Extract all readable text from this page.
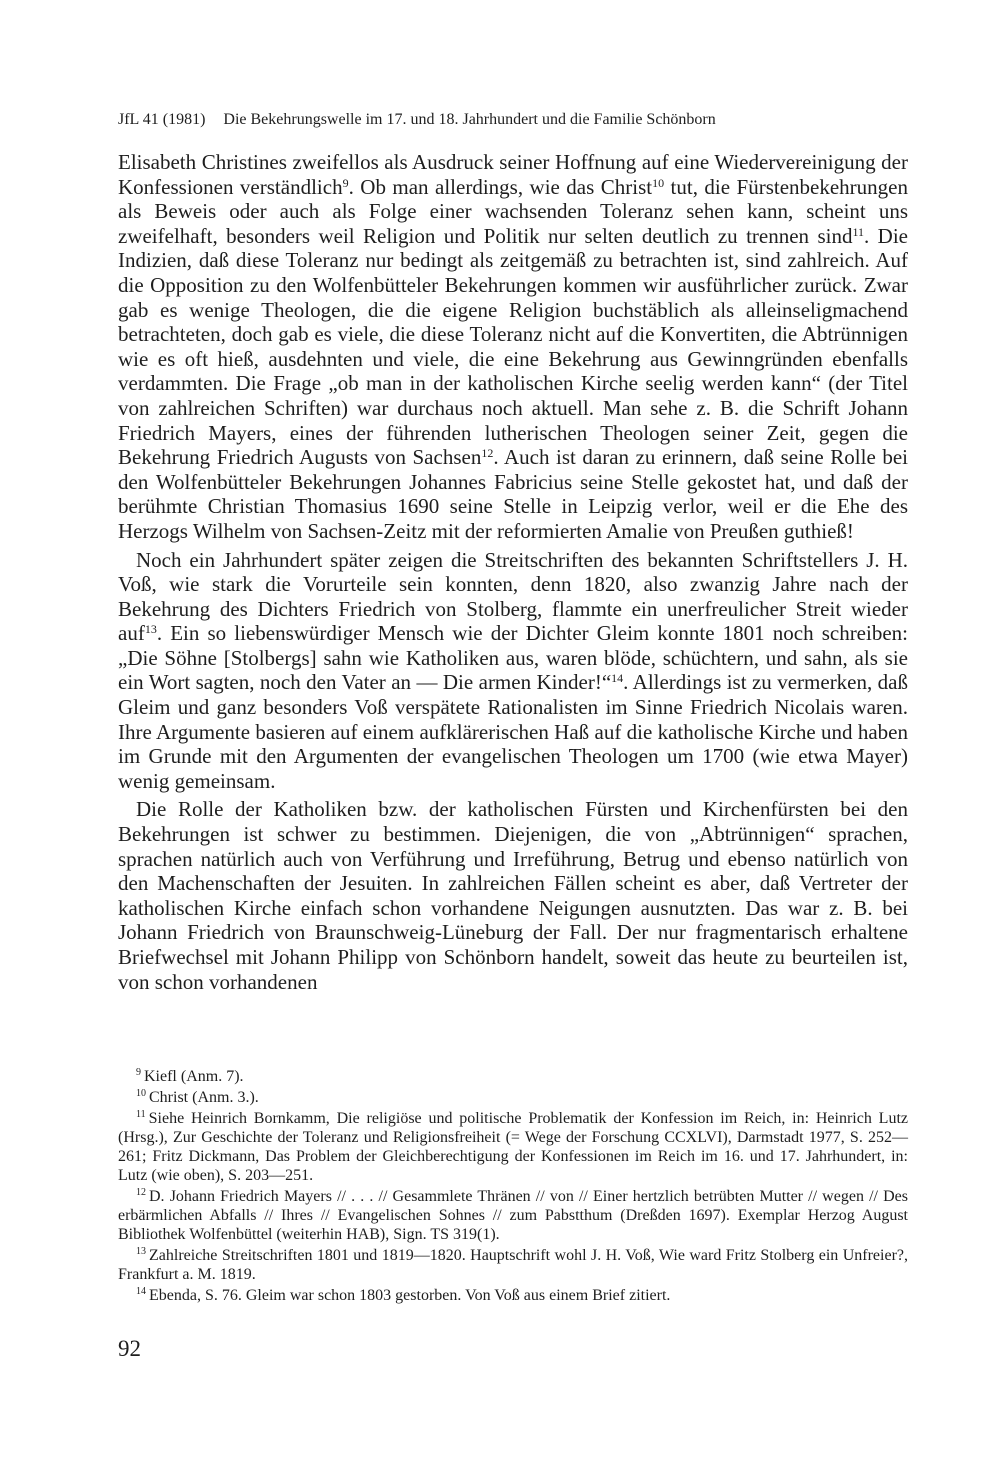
JfL 41 (1981) Die Bekehrungswelle im 17. und 18. Jahrhundert und die Familie Schönborn

Elisabeth Christines zweifellos als Ausdruck seiner Hoffnung auf eine Wiedervereinigung der Konfessionen verständlich$^9$. Ob man allerdings, wie das Christ$^{10}$ tut, die Fürstenbekehrungen als Beweis oder auch als Folge einer wachsenden Toleranz sehen kann, scheint uns zweifelhaft, besonders weil Religion und Politik nur selten deutlich zu trennen sind$^{11}$. Die Indizien, daß diese Toleranz nur bedingt als zeitgemäß zu betrachten ist, sind zahlreich. Auf die Opposition zu den Wolfenbütteler Bekehrungen kommen wir ausführlicher zurück. Zwar gab es wenige Theologen, die die eigene Religion buchstäblich als alleinseligmachend betrachteten, doch gab es viele, die diese Toleranz nicht auf die Konvertiten, die Abtrünnigen wie es oft hieß, ausdehnten und viele, die eine Bekehrung aus Gewinngründen ebenfalls verdammten. Die Frage „ob man in der katholischen Kirche seelig werden kann“ (der Titel von zahlreichen Schriften) war durchaus noch aktuell. Man sehe z. B. die Schrift Johann Friedrich Mayers, eines der führenden lutherischen Theologen seiner Zeit, gegen die Bekehrung Friedrich Augusts von Sachsen$^{12}$. Auch ist daran zu erinnern, daß seine Rolle bei den Wolfenbütteler Bekehrungen Johannes Fabricius seine Stelle gekostet hat, und daß der berühmte Christian Thomasius 1690 seine Stelle in Leipzig verlor, weil er die Ehe des Herzogs Wilhelm von Sachsen-Zeitz mit der reformierten Amalie von Preußen guthieß!

Noch ein Jahrhundert später zeigen die Streitschriften des bekannten Schriftstellers J. H. Voß, wie stark die Vorurteile sein konnten, denn 1820, also zwanzig Jahre nach der Bekehrung des Dichters Friedrich von Stolberg, flammte ein unerfreulicher Streit wieder auf$^{13}$. Ein so liebenswürdiger Mensch wie der Dichter Gleim konnte 1801 noch schreiben: „Die Söhne [Stolbergs] sahn wie Katholiken aus, waren blöde, schüchtern, und sahn, als sie ein Wort sagten, noch den Vater an — Die armen Kinder!“$^{14}$. Allerdings ist zu vermerken, daß Gleim und ganz besonders Voß verspätete Rationalisten im Sinne Friedrich Nicolais waren. Ihre Argumente basieren auf einem aufklärerischen Haß auf die katholische Kirche und haben im Grunde mit den Argumenten der evangelischen Theologen um 1700 (wie etwa Mayer) wenig gemeinsam.

Die Rolle der Katholiken bzw. der katholischen Fürsten und Kirchenfürsten bei den Bekehrungen ist schwer zu bestimmen. Diejenigen, die von „Abtrünnigen“ sprachen, sprachen natürlich auch von Verführung und Irreführung, Betrug und ebenso natürlich von den Machenschaften der Jesuiten. In zahlreichen Fällen scheint es aber, daß Vertreter der katholischen Kirche einfach schon vorhandene Neigungen ausnutzten. Das war z. B. bei Johann Friedrich von Braunschweig-Lüneburg der Fall. Der nur fragmentarisch erhaltene Briefwechsel mit Johann Philipp von Schönborn handelt, soweit das heute zu beurteilen ist, von schon vorhandenen

$^9$ Kiefl (Anm. 7).

$^{10}$ Christ (Anm. 3.).

$^{11}$ Siehe Heinrich Bornkamm, Die religiöse und politische Problematik der Konfession im Reich, in: Heinrich Lutz (Hrsg.), Zur Geschichte der Toleranz und Religionsfreiheit (= Wege der Forschung CCXLVI), Darmstadt 1977, S. 252—261; Fritz Dickmann, Das Problem der Gleichberechtigung der Konfessionen im Reich im 16. und 17. Jahrhundert, in: Lutz (wie oben), S. 203—251.

$^{12}$ D. Johann Friedrich Mayers // . . . // Gesammlete Thränen // von // Einer hertzlich betrübten Mutter // wegen // Des erbärmlichen Abfalls // Ihres // Evangelischen Sohnes // zum Pabstthum (Dreßden 1697). Exemplar Herzog August Bibliothek Wolfenbüttel (weiterhin HAB), Sign. TS 319(1).

$^{13}$ Zahlreiche Streitschriften 1801 und 1819—1820. Hauptschrift wohl J. H. Voß, Wie ward Fritz Stolberg ein Unfreier?, Frankfurt a. M. 1819.

$^{14}$ Ebenda, S. 76. Gleim war schon 1803 gestorben. Von Voß aus einem Brief zitiert.

92
